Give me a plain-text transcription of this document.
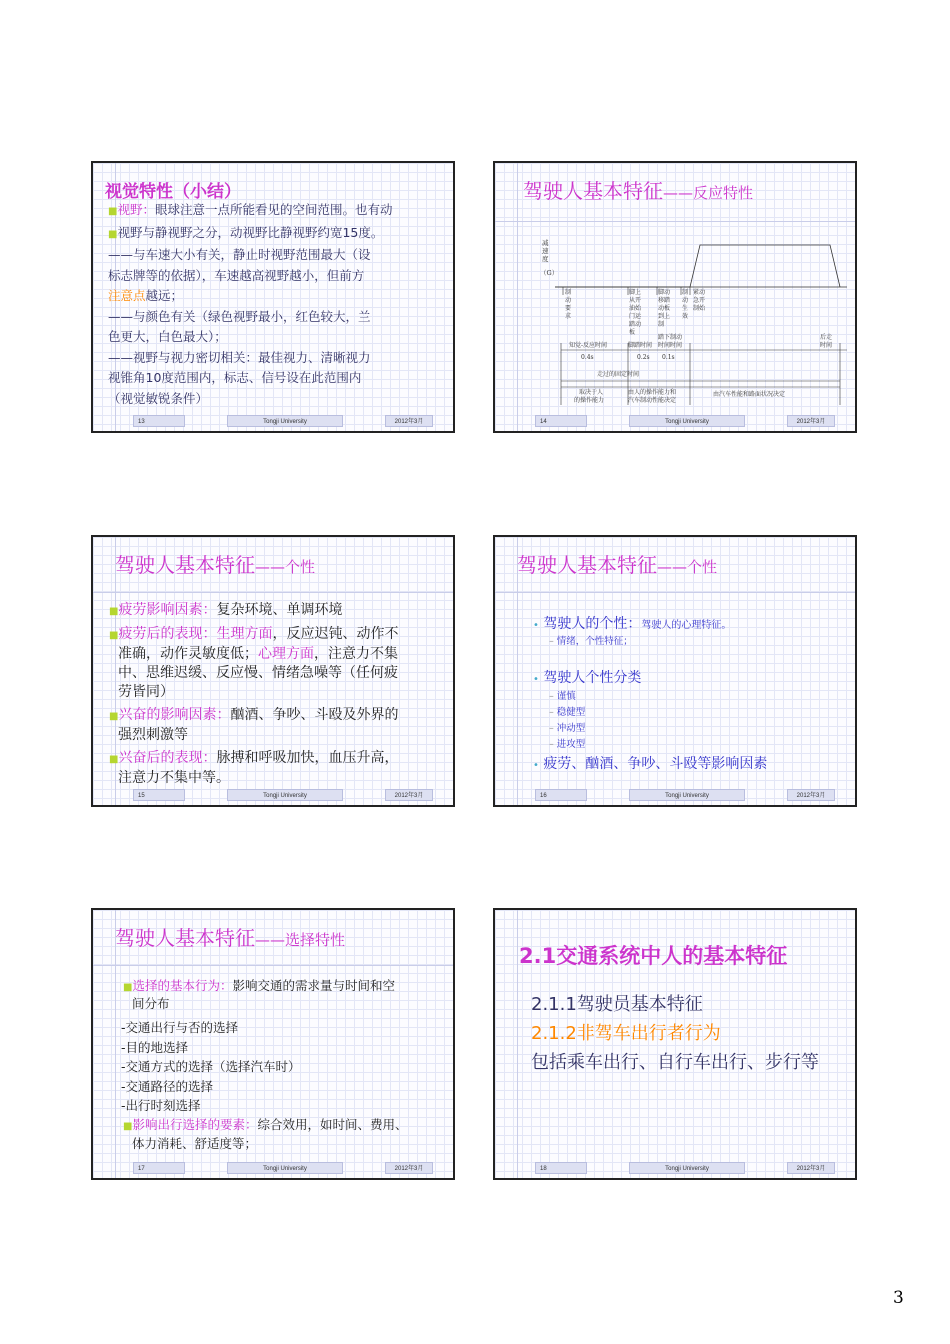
视觉特性（小结）
■视野：眼球注意一点所能看见的空间范围。也有动
■视野与静视野之分，动视野比静视野约宽15度。
——与车速大小有关，静止时视野范围最大（设
标志牌等的依据），车速越高视野越小，但前方
注意点越远；
——与颜色有关（绿色视野最小，红色较大，兰
色更大，白色最大）；
——视野与视力密切相关：最佳视力、清晰视力
视锥角10度范围内，标志、信号设在此范围内
（视觉敏锐条件）
13	Tongji University	2012年3月
驾驶人基本特征——反应特性
减
速
度
（G）
制
动
要
求
脚上
从开
油始
门运
踏动
板
脚动
移踏
动板
到上
制
制
动
生
效
紧动
急开
制始
知觉-反应时间	脚踏时间
踏下制动
时间时间
后走
时间
0.4s	0.2s 0.1s
走过的固定时间
取决于人
的操作能力
由人的操作能力和
汽车制动性能决定
由汽车性能和路面状况决定
14	Tongji University	2012年3月
驾驶人基本特征——个性
■疲劳影响因素：复杂环境、单调环境
■疲劳后的表现：生理方面，反应迟钝、动作不
准确，动作灵敏度低；心理方面，注意力不集
中、思维迟缓、反应慢、情绪急噪等（任何疲
劳皆同）
■兴奋的影响因素：酗酒、争吵、斗殴及外界的
强烈刺激等
■兴奋后的表现：脉搏和呼吸加快，血压升高，
注意力不集中等。
15	Tongji University	2012年3月
驾驶人基本特征——个性
• 驾驶人的个性：驾驶人的心理特征。
– 情绪，个性特征；
• 驾驶人个性分类
– 谨慎
– 稳健型
– 冲动型
– 进攻型
• 疲劳、酗酒、争吵、斗殴等影响因素
16	Tongji University	2012年3月
驾驶人基本特征——选择特性
■选择的基本行为：影响交通的需求量与时间和空
间分布
-交通出行与否的选择
-目的地选择
-交通方式的选择（选择汽车时）
-交通路径的选择
-出行时刻选择
■影响出行选择的要素：综合效用，如时间、费用、
体力消耗、舒适度等；
17	Tongji University	2012年3月
2.1交通系统中人的基本特征
2.1.1驾驶员基本特征
2.1.2非驾车出行者行为
包括乘车出行、自行车出行、步行等
18	Tongji University	2012年3月
3
